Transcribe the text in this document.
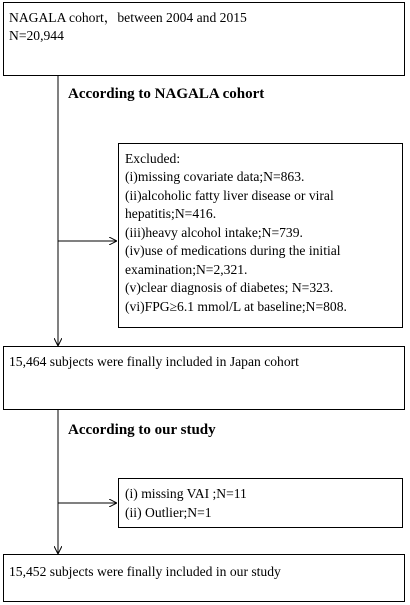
NAGALA cohort，between 2004 and 2015
N=20,944
According to NAGALA cohort
Excluded:
(i)missing covariate data;N=863.
(ii)alcoholic fatty liver disease or viral
hepatitis;N=416.
(iii)heavy alcohol intake;N=739.
(iv)use of medications during the initial
examination;N=2,321.
(v)clear diagnosis of diabetes; N=323.
(vi)FPG≥6.1 mmol/L at baseline;N=808.
15,464 subjects were finally included in Japan cohort
According to our study
(i) missing VAI ;N=11
(ii) Outlier;N=1
15,452 subjects were finally included in our study
